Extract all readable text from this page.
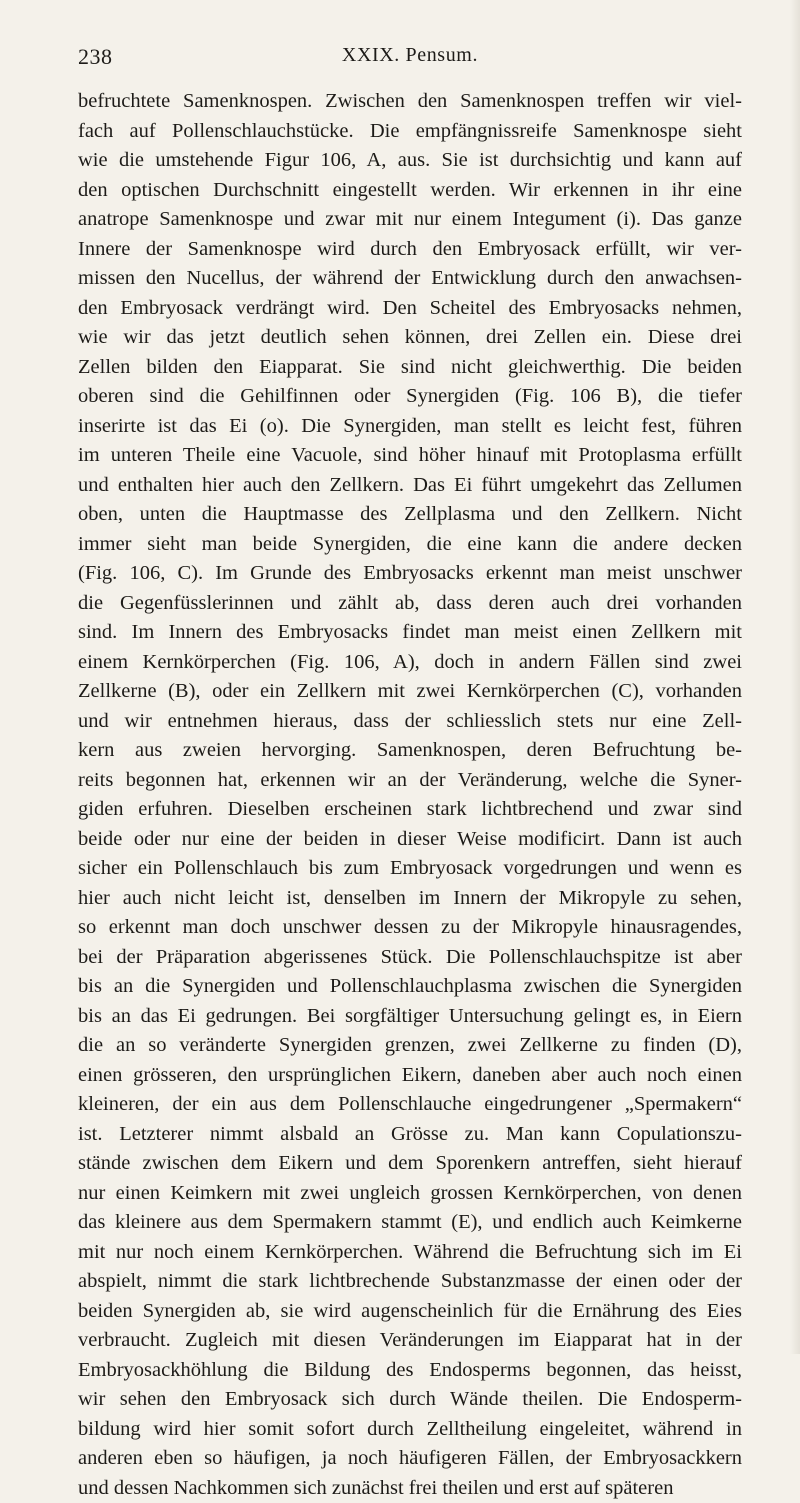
238	XXIX. Pensum.
befruchtete Samenknospen. Zwischen den Samenknospen treffen wir viel-
fach auf Pollenschlauchstücke. Die empfängnissreife Samenknospe sieht
wie die umstehende Figur 106, A, aus. Sie ist durchsichtig und kann auf
den optischen Durchschnitt eingestellt werden. Wir erkennen in ihr eine
anatrope Samenknospe und zwar mit nur einem Integument (i). Das ganze
Innere der Samenknospe wird durch den Embryosack erfüllt, wir ver-
missen den Nucellus, der während der Entwicklung durch den anwachsen-
den Embryosack verdrängt wird. Den Scheitel des Embryosacks nehmen,
wie wir das jetzt deutlich sehen können, drei Zellen ein. Diese drei
Zellen bilden den Eiapparat. Sie sind nicht gleichwerthig. Die beiden
oberen sind die Gehilfinnen oder Synergiden (Fig. 106 B), die tiefer
inserirte ist das Ei (o). Die Synergiden, man stellt es leicht fest, führen
im unteren Theile eine Vacuole, sind höher hinauf mit Protoplasma erfüllt
und enthalten hier auch den Zellkern. Das Ei führt umgekehrt das Zellumen
oben, unten die Hauptmasse des Zellplasma und den Zellkern. Nicht
immer sieht man beide Synergiden, die eine kann die andere decken
(Fig. 106, C). Im Grunde des Embryosacks erkennt man meist unschwer
die Gegenfüsslerinnen und zählt ab, dass deren auch drei vorhanden
sind. Im Innern des Embryosacks findet man meist einen Zellkern mit
einem Kernkörperchen (Fig. 106, A), doch in andern Fällen sind zwei
Zellkerne (B), oder ein Zellkern mit zwei Kernkörperchen (C), vorhanden
und wir entnehmen hieraus, dass der schliesslich stets nur eine Zell-
kern aus zweien hervorging. Samenknospen, deren Befruchtung be-
reits begonnen hat, erkennen wir an der Veränderung, welche die Syner-
giden erfuhren. Dieselben erscheinen stark lichtbrechend und zwar sind
beide oder nur eine der beiden in dieser Weise modificirt. Dann ist auch
sicher ein Pollenschlauch bis zum Embryosack vorgedrungen und wenn es
hier auch nicht leicht ist, denselben im Innern der Mikropyle zu sehen,
so erkennt man doch unschwer dessen zu der Mikropyle hinausragendes,
bei der Präparation abgerissenes Stück. Die Pollenschlauchspitze ist aber
bis an die Synergiden und Pollenschlauchplasma zwischen die Synergiden
bis an das Ei gedrungen. Bei sorgfältiger Untersuchung gelingt es, in Eiern
die an so veränderte Synergiden grenzen, zwei Zellkerne zu finden (D),
einen grösseren, den ursprünglichen Eikern, daneben aber auch noch einen
kleineren, der ein aus dem Pollenschlauche eingedrungener „Spermakern“
ist. Letzterer nimmt alsbald an Grösse zu. Man kann Copulationszu-
stände zwischen dem Eikern und dem Sporenkern antreffen, sieht hierauf
nur einen Keimkern mit zwei ungleich grossen Kernkörperchen, von denen
das kleinere aus dem Spermakern stammt (E), und endlich auch Keimkerne
mit nur noch einem Kernkörperchen. Während die Befruchtung sich im Ei
abspielt, nimmt die stark lichtbrechende Substanzmasse der einen oder der
beiden Synergiden ab, sie wird augenscheinlich für die Ernährung des Eies
verbraucht. Zugleich mit diesen Veränderungen im Eiapparat hat in der
Embryosackhöhlung die Bildung des Endosperms begonnen, das heisst,
wir sehen den Embryosack sich durch Wände theilen. Die Endosperm-
bildung wird hier somit sofort durch Zelltheilung eingeleitet, während in
anderen eben so häufigen, ja noch häufigeren Fällen, der Embryosackkern
und dessen Nachkommen sich zunächst frei theilen und erst auf späteren
